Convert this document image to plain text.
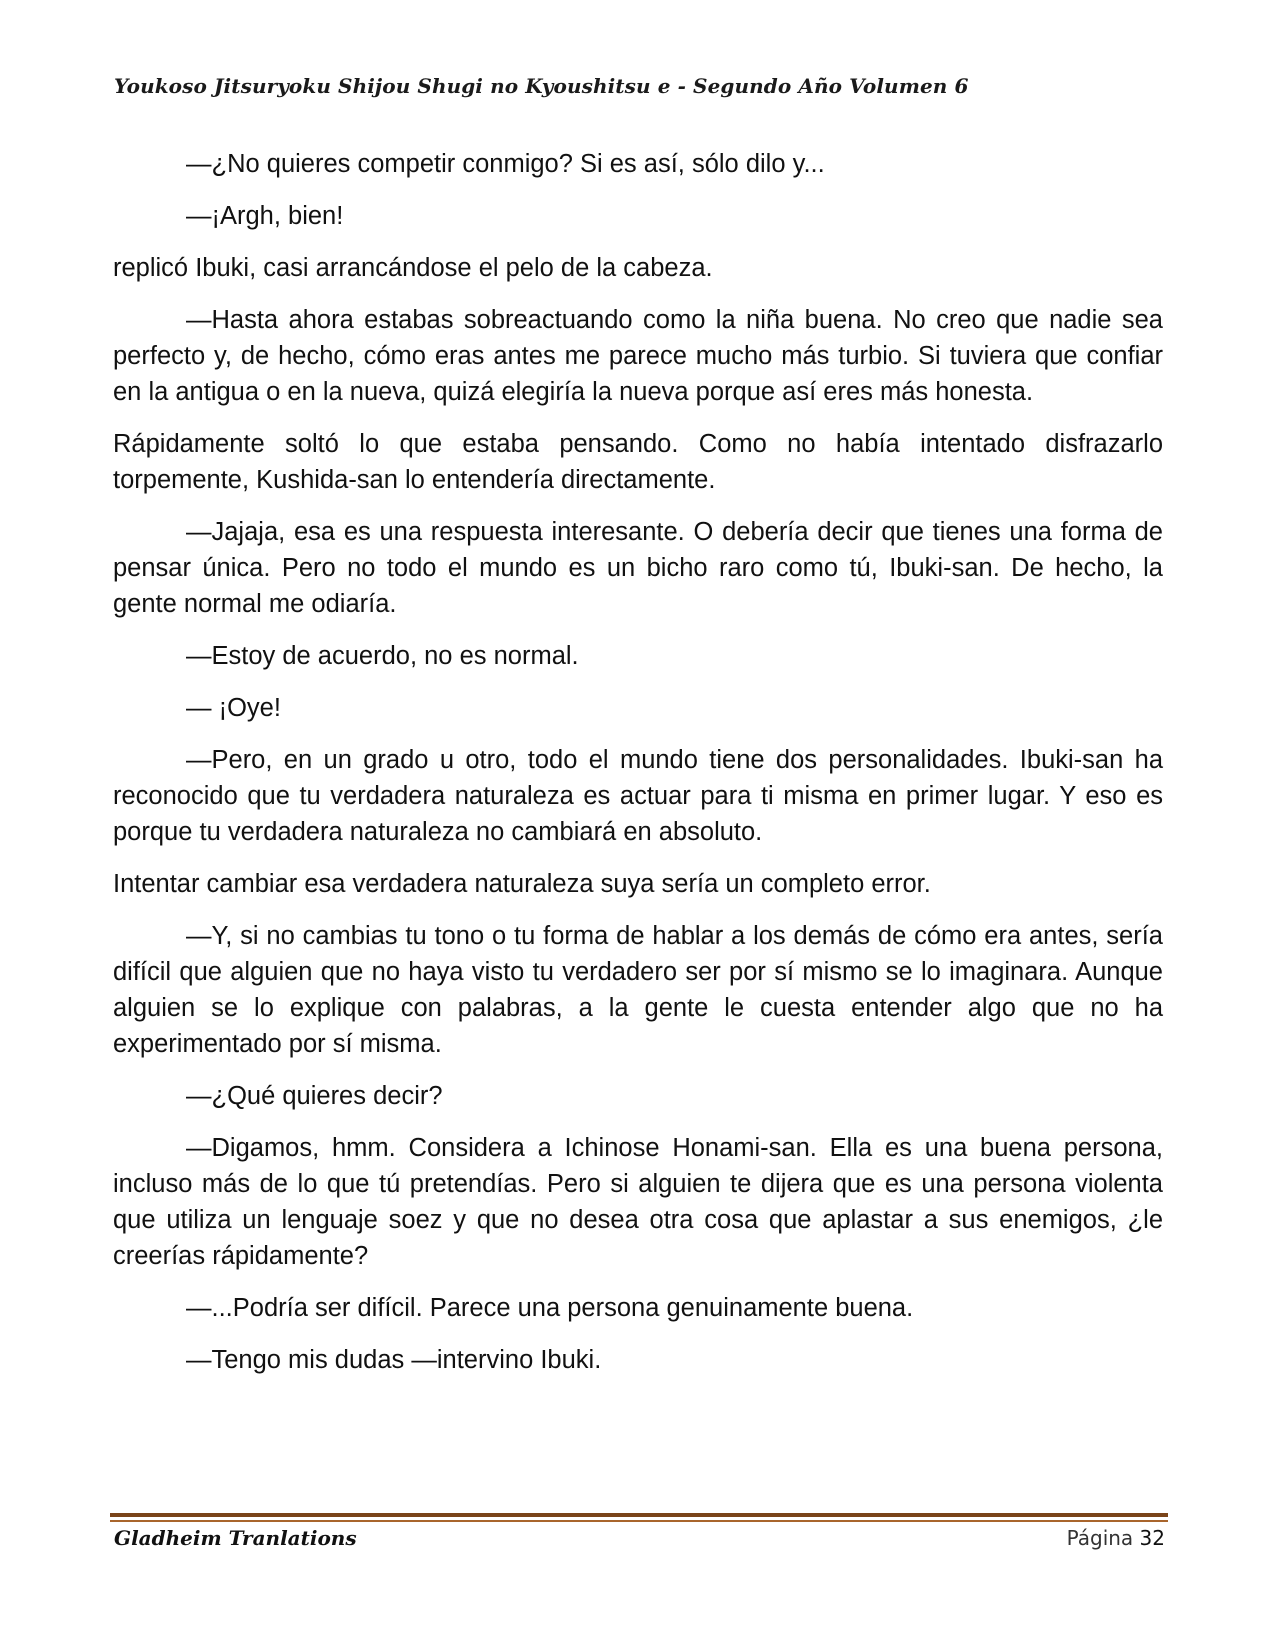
Youkoso Jitsuryoku Shijou Shugi no Kyoushitsu e - Segundo Año Volumen 6

—¿No quieres competir conmigo? Si es así, sólo dilo y...

—¡Argh, bien!

replicó Ibuki, casi arrancándose el pelo de la cabeza.

—Hasta ahora estabas sobreactuando como la niña buena. No creo que nadie sea perfecto y, de hecho, cómo eras antes me parece mucho más turbio. Si tuviera que confiar en la antigua o en la nueva, quizá elegiría la nueva porque así eres más honesta.

Rápidamente soltó lo que estaba pensando. Como no había intentado disfrazarlo torpemente, Kushida-san lo entendería directamente.

—Jajaja, esa es una respuesta interesante. O debería decir que tienes una forma de pensar única. Pero no todo el mundo es un bicho raro como tú, Ibuki-san. De hecho, la gente normal me odiaría.

—Estoy de acuerdo, no es normal.

— ¡Oye!

—Pero, en un grado u otro, todo el mundo tiene dos personalidades. Ibuki-san ha reconocido que tu verdadera naturaleza es actuar para ti misma en primer lugar. Y eso es porque tu verdadera naturaleza no cambiará en absoluto.

Intentar cambiar esa verdadera naturaleza suya sería un completo error.

—Y, si no cambias tu tono o tu forma de hablar a los demás de cómo era antes, sería difícil que alguien que no haya visto tu verdadero ser por sí mismo se lo imaginara. Aunque alguien se lo explique con palabras, a la gente le cuesta entender algo que no ha experimentado por sí misma.

—¿Qué quieres decir?

—Digamos, hmm. Considera a Ichinose Honami-san. Ella es una buena persona, incluso más de lo que tú pretendías. Pero si alguien te dijera que es una persona violenta que utiliza un lenguaje soez y que no desea otra cosa que aplastar a sus enemigos, ¿le creerías rápidamente?

—...Podría ser difícil. Parece una persona genuinamente buena.

—Tengo mis dudas —intervino Ibuki.

Gladheim Tranlations	Página 32
